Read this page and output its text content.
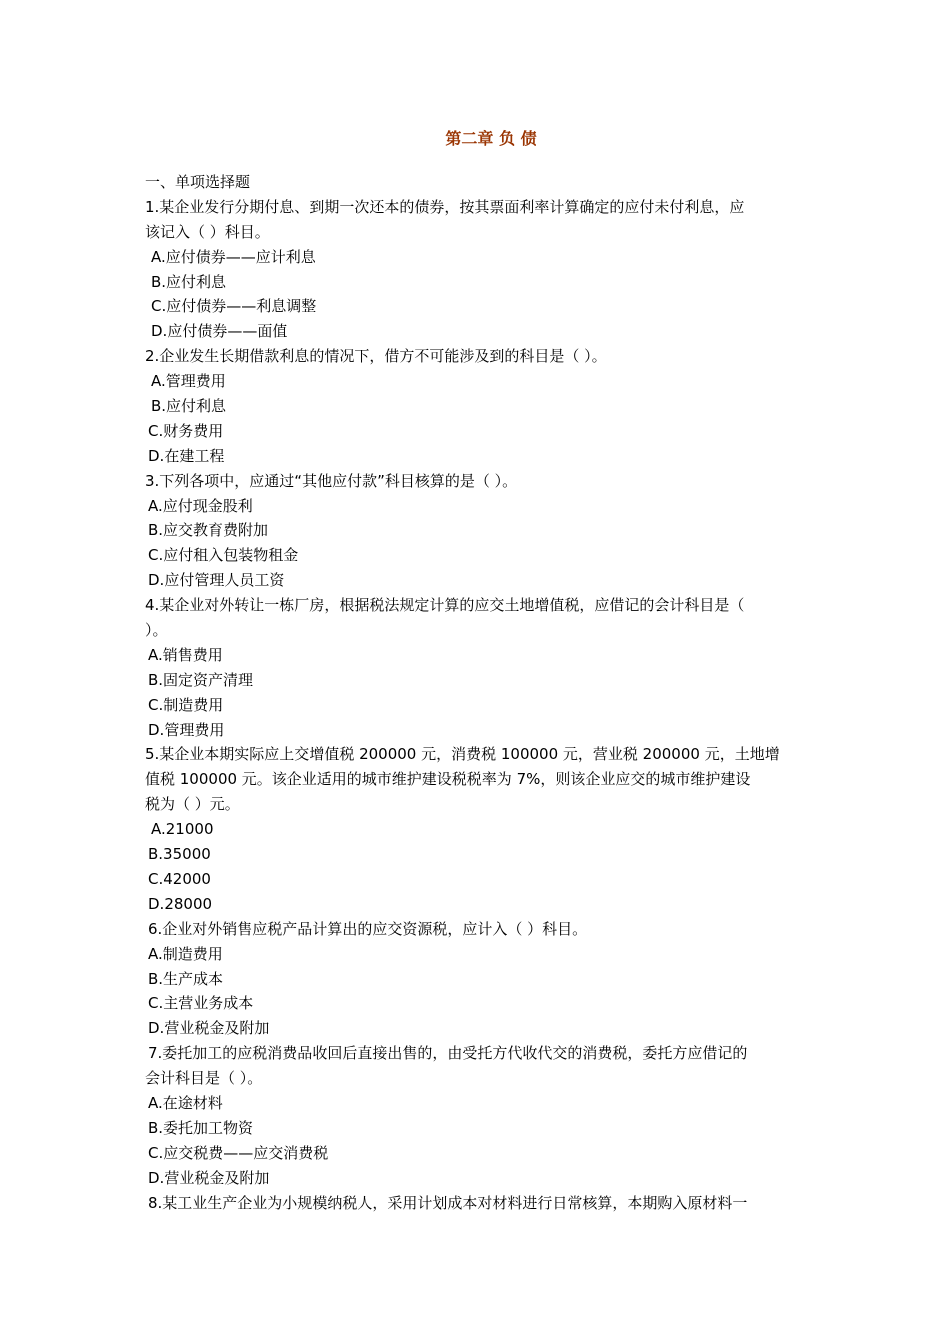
第二章 负 债
一、单项选择题
1.某企业发行分期付息、到期一次还本的债券，按其票面利率计算确定的应付未付利息，应
该记入（ ）科目。
A.应付债券——应计利息
B.应付利息
C.应付债券——利息调整
D.应付债券——面值
2.企业发生长期借款利息的情况下，借方不可能涉及到的科目是（ ）。
A.管理费用
B.应付利息
C.财务费用
D.在建工程
3.下列各项中，应通过“其他应付款”科目核算的是（ ）。
A.应付现金股利
B.应交教育费附加
C.应付租入包装物租金
D.应付管理人员工资
4.某企业对外转让一栋厂房，根据税法规定计算的应交土地增值税，应借记的会计科目是（
）。
A.销售费用
B.固定资产清理
C.制造费用
D.管理费用
5.某企业本期实际应上交增值税 200000 元，消费税 100000 元，营业税 200000 元，土地增
值税 100000 元。该企业适用的城市维护建设税税率为 7%，则该企业应交的城市维护建设
税为（ ）元。
A.21000
B.35000
C.42000
D.28000
6.企业对外销售应税产品计算出的应交资源税，应计入（ ）科目。
A.制造费用
B.生产成本
C.主营业务成本
D.营业税金及附加
7.委托加工的应税消费品收回后直接出售的，由受托方代收代交的消费税，委托方应借记的
会计科目是（ ）。
A.在途材料
B.委托加工物资
C.应交税费——应交消费税
D.营业税金及附加
8.某工业生产企业为小规模纳税人，采用计划成本对材料进行日常核算，本期购入原材料一
